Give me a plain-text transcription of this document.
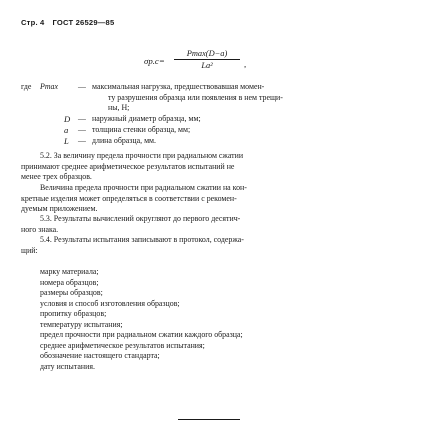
Стр. 4 ГОСТ 26529—85
σр.с=
Pmax(D−a)
La²	,
где Pmax	— максимальная нагрузка, предшествовавшая момен-
ту разрушения образца или появления в нем трещи-
ны, Н;
D — наружный диаметр образца, мм;
a — толщина стенки образца, мм;
L — длина образца, мм.
5.2. За величину предела прочности при радиальном сжатии
принимают среднее арифметическое результатов испытаний не
менее трех образцов.
Величина предела прочности при радиальном сжатии на кон-
кретные изделия может определяться в соответствии с рекомен-
дуемым приложением.
5.3. Результаты вычислений округляют до первого десятич-
ного знака.
5.4. Результаты испытания записывают в протокол, содержа-
щий:
марку материала;
номера образцов;
размеры образцов;
условия и способ изготовления образцов;
пропитку образцов;
температуру испытания;
предел прочности при радиальном сжатии каждого образца;
среднее арифметическое результатов испытания;
обозначение настоящего стандарта;
дату испытания.
